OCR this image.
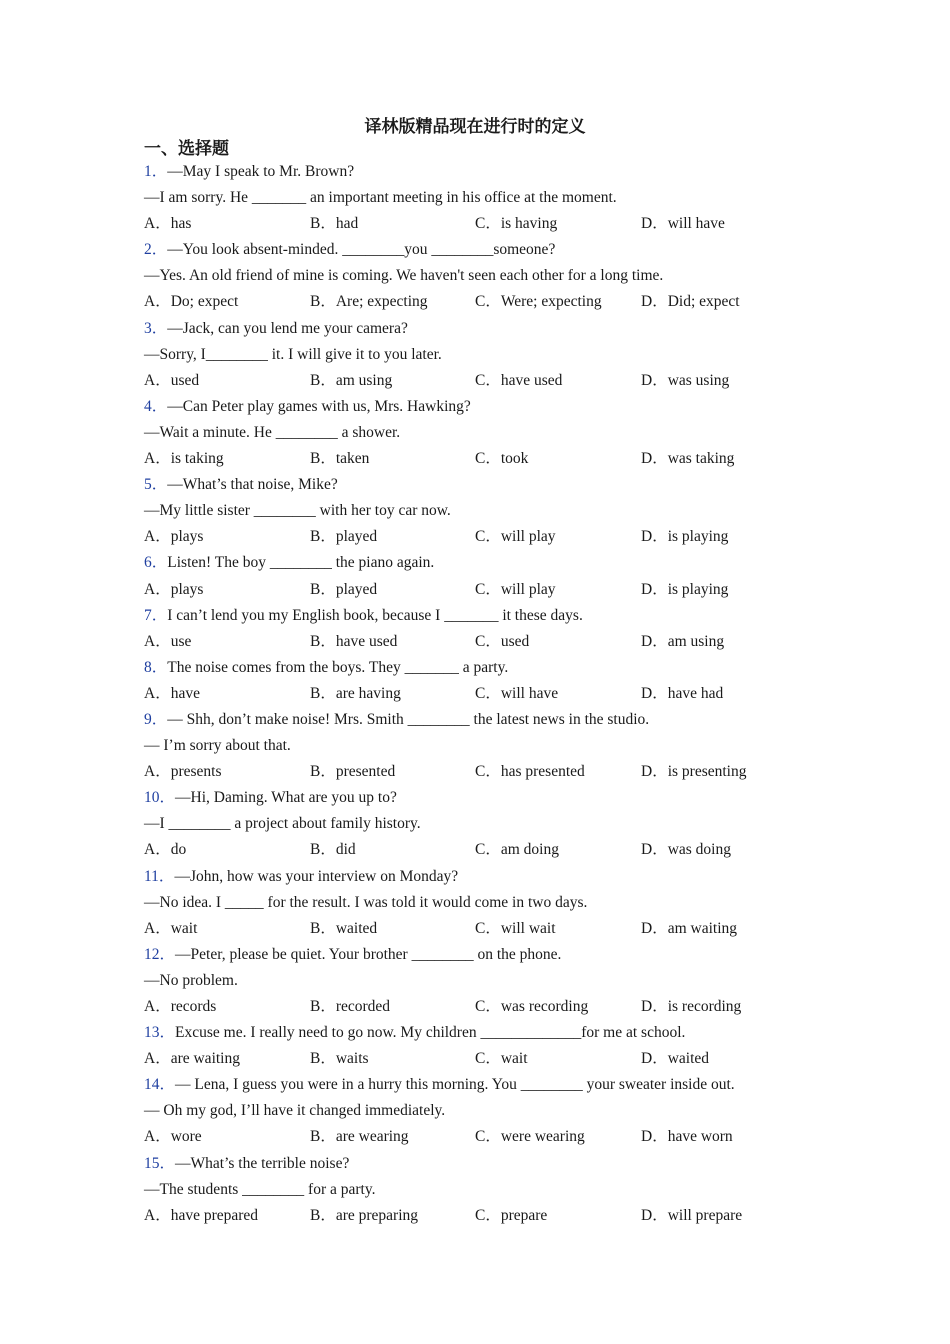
译林版精品现在进行时的定义
一、选择题
1．—May I speak to Mr. Brown?
—I am sorry. He _______ an important meeting in his office at the moment.
A．has	B．had	C．is having	D．will have
2．—You look absent-minded. ________you ________someone?
—Yes. An old friend of mine is coming. We haven't seen each other for a long time.
A．Do; expect	B．Are; expecting	C．Were; expecting	D．Did; expect
3．—Jack, can you lend me your camera?
—Sorry, I________ it. I will give it to you later.
A．used	B．am using	C．have used	D．was using
4．—Can Peter play games with us, Mrs. Hawking?
—Wait a minute. He ________ a shower.
A．is taking	B．taken	C．took	D．was taking
5．—What’s that noise, Mike?
—My little sister ________ with her toy car now.
A．plays	B．played	C．will play	D．is playing
6．Listen! The boy ________ the piano again.
A．plays	B．played	C．will play	D．is playing
7．I can’t lend you my English book, because I _______ it these days.
A．use	B．have used	C．used	D．am using
8．The noise comes from the boys. They _______ a party.
A．have	B．are having	C．will have	D．have had
9．— Shh, don’t make noise! Mrs. Smith ________ the latest news in the studio.
— I’m sorry about that.
A．presents	B．presented	C．has presented	D．is presenting
10．—Hi, Daming. What are you up to?
—I ________ a project about family history.
A．do	B．did	C．am doing	D．was doing
11．—John, how was your interview on Monday?
—No idea. I _____ for the result. I was told it would come in two days.
A．wait	B．waited	C．will wait	D．am waiting
12．—Peter, please be quiet. Your brother ________ on the phone.
—No problem.
A．records	B．recorded	C．was recording	D．is recording
13．Excuse me. I really need to go now. My children _____________for me at school.
A．are waiting	B．waits	C．wait	D．waited
14．— Lena, I guess you were in a hurry this morning. You ________ your sweater inside out.
— Oh my god, I’ll have it changed immediately.
A．wore	B．are wearing	C．were wearing	D．have worn
15．—What’s the terrible noise?
—The students ________ for a party.
A．have prepared	B．are preparing	C．prepare	D．will prepare
